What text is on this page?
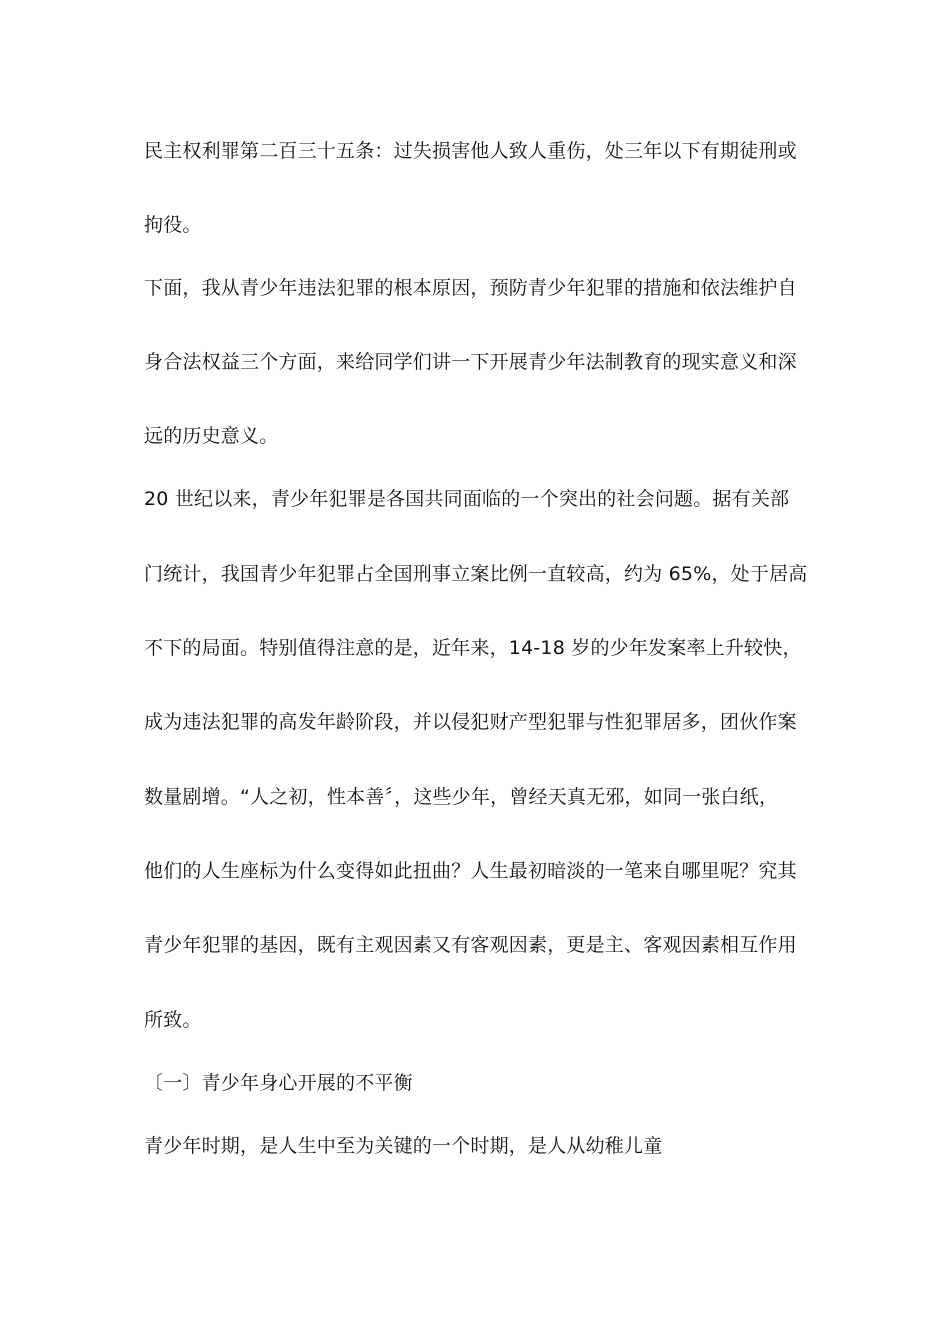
民主权利罪第二百三十五条：过失损害他人致人重伤，处三年以下有期徒刑或
拘役。
下面，我从青少年违法犯罪的根本原因，预防青少年犯罪的措施和依法维护自
身合法权益三个方面，来给同学们讲一下开展青少年法制教育的现实意义和深
远的历史意义。
20 世纪以来，青少年犯罪是各国共同面临的一个突出的社会问题。据有关部
门统计，我国青少年犯罪占全国刑事立案比例一直较高，约为 65%，处于居高
不下的局面。特别值得注意的是，近年来，14-18 岁的少年发案率上升较快，
成为违法犯罪的高发年龄阶段，并以侵犯财产型犯罪与性犯罪居多，团伙作案
数量剧增。“人之初，性本善〞，这些少年，曾经天真无邪，如同一张白纸，
他们的人生座标为什么变得如此扭曲？人生最初暗淡的一笔来自哪里呢？究其
青少年犯罪的基因，既有主观因素又有客观因素，更是主、客观因素相互作用
所致。
〔一〕青少年身心开展的不平衡
青少年时期，是人生中至为关键的一个时期，是人从幼稚儿童
